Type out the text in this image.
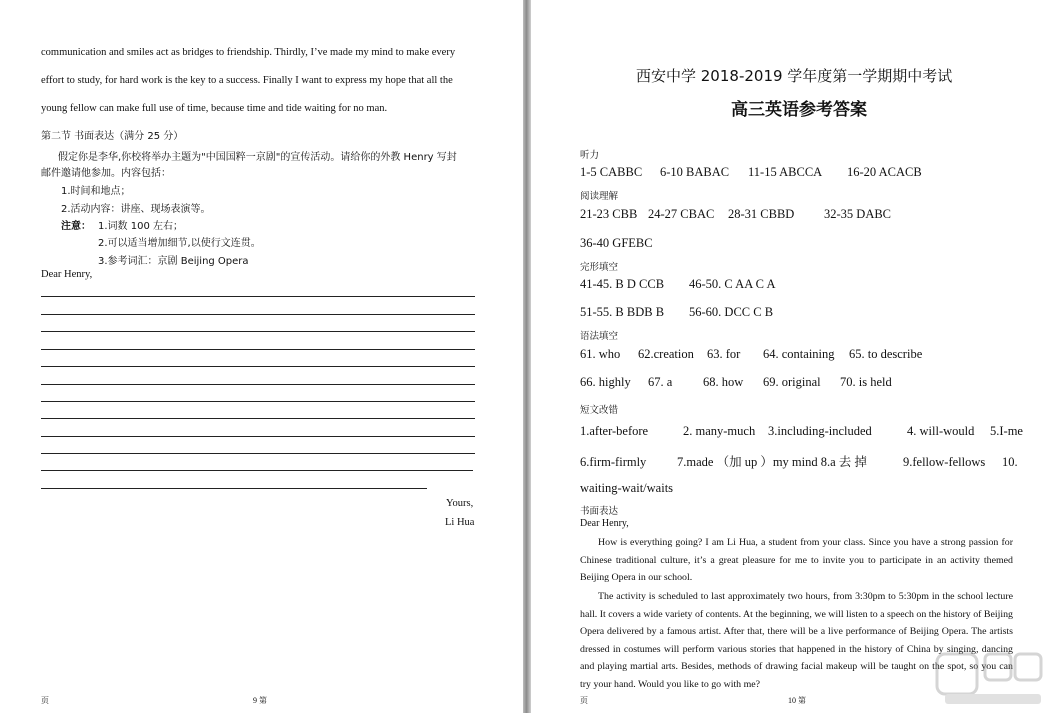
communication and smiles act as bridges to friendship. Thirdly, I’ve made my mind to make every
effort to study, for hard work is the key to a success. Finally I want to express my hope that all the
young fellow can make full use of time, because time and tide waiting for no man.
第二节 书面表达（满分 25 分）
假定你是李华,你校将举办主题为"中国国粹一京剧"的宣传活动。请给你的外教 Henry 写封
邮件邀请他参加。内容包括：
1.时间和地点；
2.活动内容：讲座、现场表演等。
注意： 1.词数 100 左右；
2.可以适当增加细节,以使行文连贯。
3.参考词汇：京剧 Beijing Opera
Dear Henry,
Yours,
Li Hua
页	9 第
西安中学 2018-2019 学年度第一学期期中考试
高三英语参考答案
听力
1-5 CABBC 6-10 BABAC 11-15 ABCCA 16-20 ACACB
阅读理解
21-23 CBB 24-27 CBAC 28-31 CBBD 32-35 DABC
36-40 GFEBC
完形填空
41-45. B D CCB 46-50. C AA C A
51-55. B BDB B 56-60. DCC C B
语法填空
61. who 62.creation 63. for 64. containing 65. to describe
66. highly 67. a 68. how 69. original 70. is held
短文改错
1.after-before	2. many-much 3.including-included	4. will-would 5.I-me
6.firm-firmly 7.made （加 up ）my mind 8.a 去 掉	9.fellow-fellows 10.
waiting-wait/waits
书面表达
Dear Henry,
How is everything going? I am Li Hua, a student from your class. Since you have a strong passion for Chinese traditional culture, it’s a great pleasure for me to invite you to participate in an activity themed Beijing Opera in our school.
The activity is scheduled to last approximately two hours, from 3:30pm to 5:30pm in the school lecture hall. It covers a wide variety of contents. At the beginning, we will listen to a speech on the history of Beijing Opera delivered by a famous artist. After that, there will be a live performance of Beijing Opera. The artists dressed in costumes will perform various stories that happened in the history of China by singing, dancing and playing martial arts. Besides, methods of drawing facial makeup will be taught on the spot, so you can try your hand. Would you like to go with me?
页	10 第
